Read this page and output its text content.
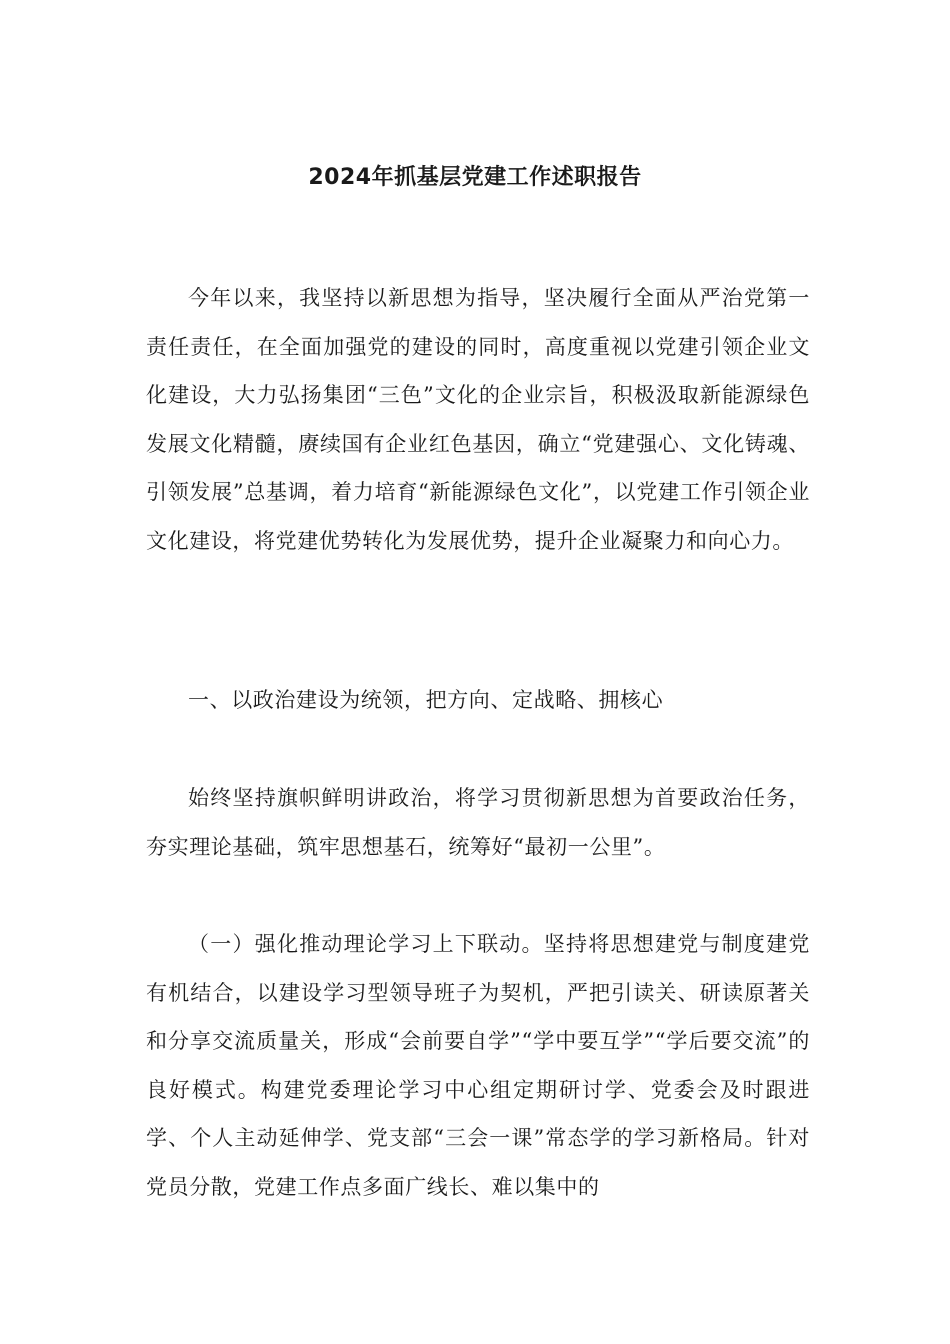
2024年抓基层党建工作述职报告

今年以来，我坚持以新思想为指导，坚决履行全面从严治党第一责任责任，在全面加强党的建设的同时，高度重视以党建引领企业文化建设，大力弘扬集团“三色”文化的企业宗旨，积极汲取新能源绿色发展文化精髓，赓续国有企业红色基因，确立“党建强心、文化铸魂、引领发展”总基调，着力培育“新能源绿色文化”，以党建工作引领企业文化建设，将党建优势转化为发展优势，提升企业凝聚力和向心力。

一、以政治建设为统领，把方向、定战略、拥核心

始终坚持旗帜鲜明讲政治，将学习贯彻新思想为首要政治任务，夯实理论基础，筑牢思想基石，统筹好“最初一公里”。

（一）强化推动理论学习上下联动。坚持将思想建党与制度建党有机结合，以建设学习型领导班子为契机，严把引读关、研读原著关和分享交流质量关，形成“会前要自学”“学中要互学”“学后要交流”的良好模式。构建党委理论学习中心组定期研讨学、党委会及时跟进学、个人主动延伸学、党支部“三会一课”常态学的学习新格局。针对党员分散，党建工作点多面广线长、难以集中的
